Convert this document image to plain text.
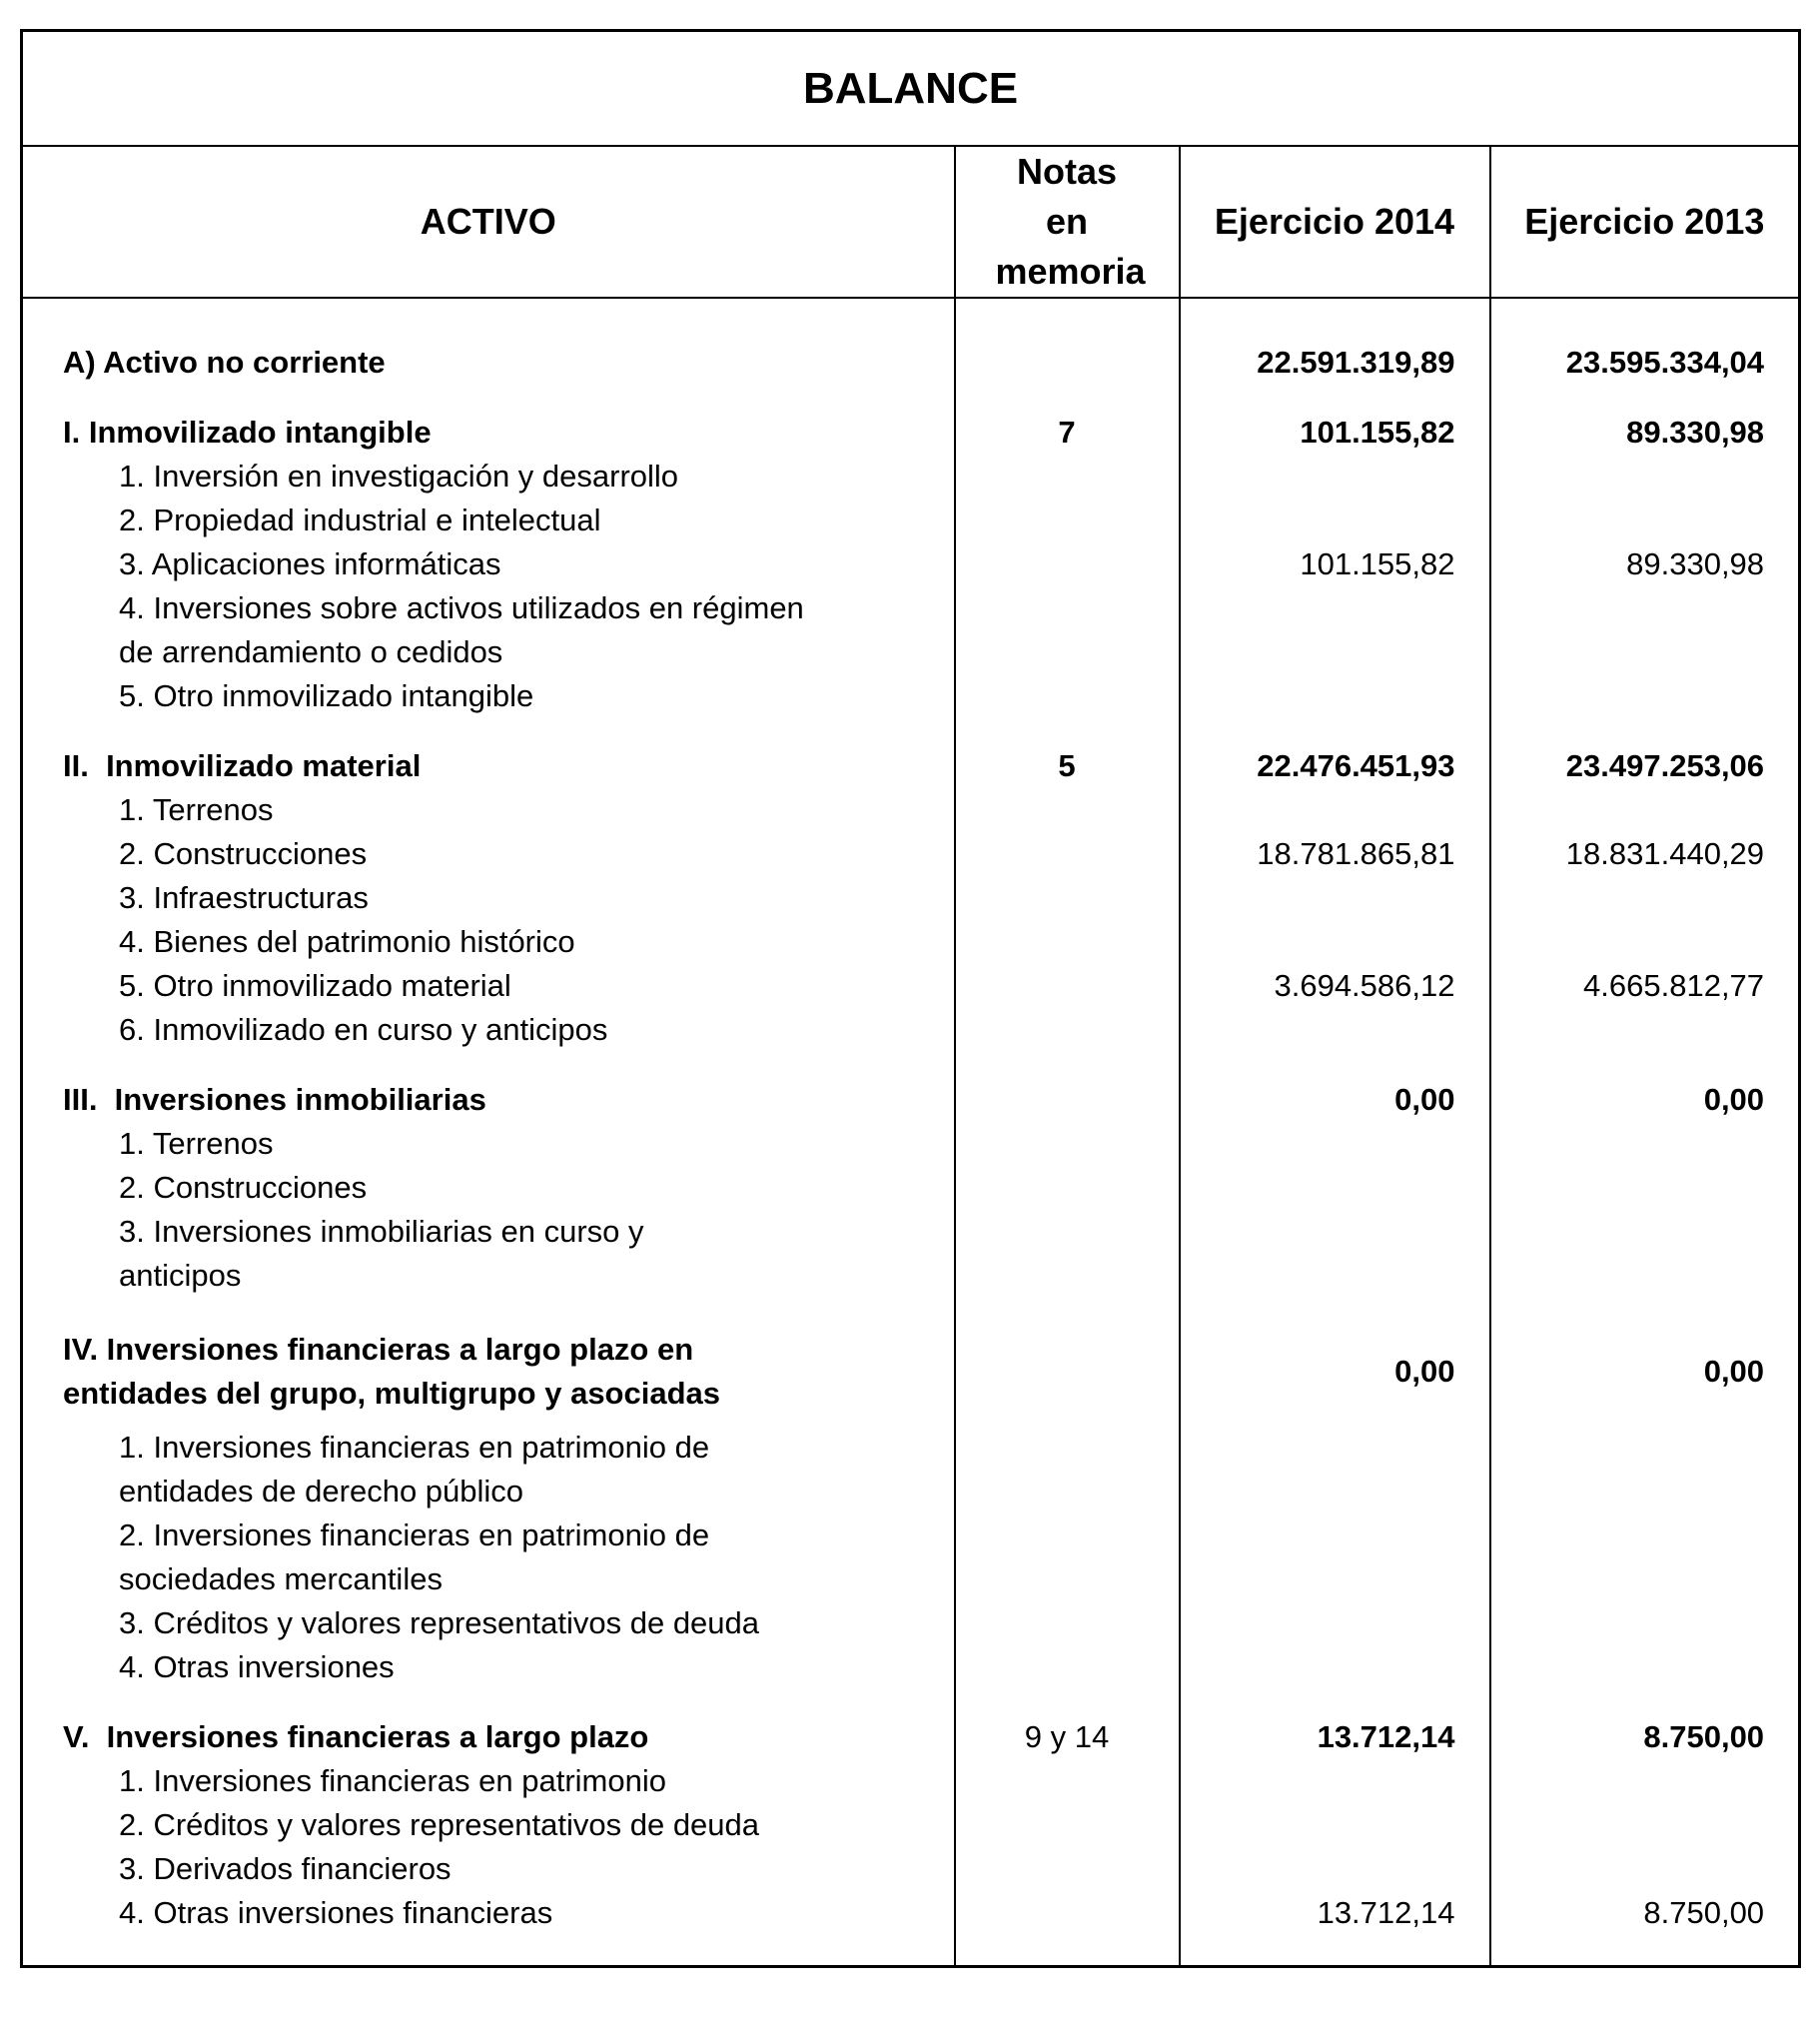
BALANCE			
ACTIVO	Notas en memoria	Ejercicio 2014	Ejercicio 2013
A) Activo no corriente		22.591.319,89	23.595.334,04
I. Inmovilizado intangible	7	101.155,82	89.330,98
1. Inversión en investigación y desarrollo			
2. Propiedad industrial e intelectual			
3. Aplicaciones informáticas		101.155,82	89.330,98
4. Inversiones sobre activos utilizados en régimen de arrendamiento o cedidos			
5. Otro inmovilizado intangible			
II.  Inmovilizado material	5	22.476.451,93	23.497.253,06
1. Terrenos			
2. Construcciones		18.781.865,81	18.831.440,29
3. Infraestructuras			
4. Bienes del patrimonio histórico			
5. Otro inmovilizado material		3.694.586,12	4.665.812,77
6. Inmovilizado en curso y anticipos			
III.  Inversiones inmobiliarias		0,00	0,00
1. Terrenos			
2. Construcciones			
3. Inversiones inmobiliarias en curso y anticipos			
IV. Inversiones financieras a largo plazo en entidades del grupo, multigrupo y asociadas		0,00	0,00
1. Inversiones financieras en patrimonio de entidades de derecho público			
2. Inversiones financieras en patrimonio de sociedades mercantiles			
3. Créditos y valores representativos de deuda			
4. Otras inversiones			
V.  Inversiones financieras a largo plazo	9 y 14	13.712,14	8.750,00
1. Inversiones financieras en patrimonio			
2. Créditos y valores representativos de deuda			
3. Derivados financieros			
4. Otras inversiones financieras		13.712,14	8.750,00
